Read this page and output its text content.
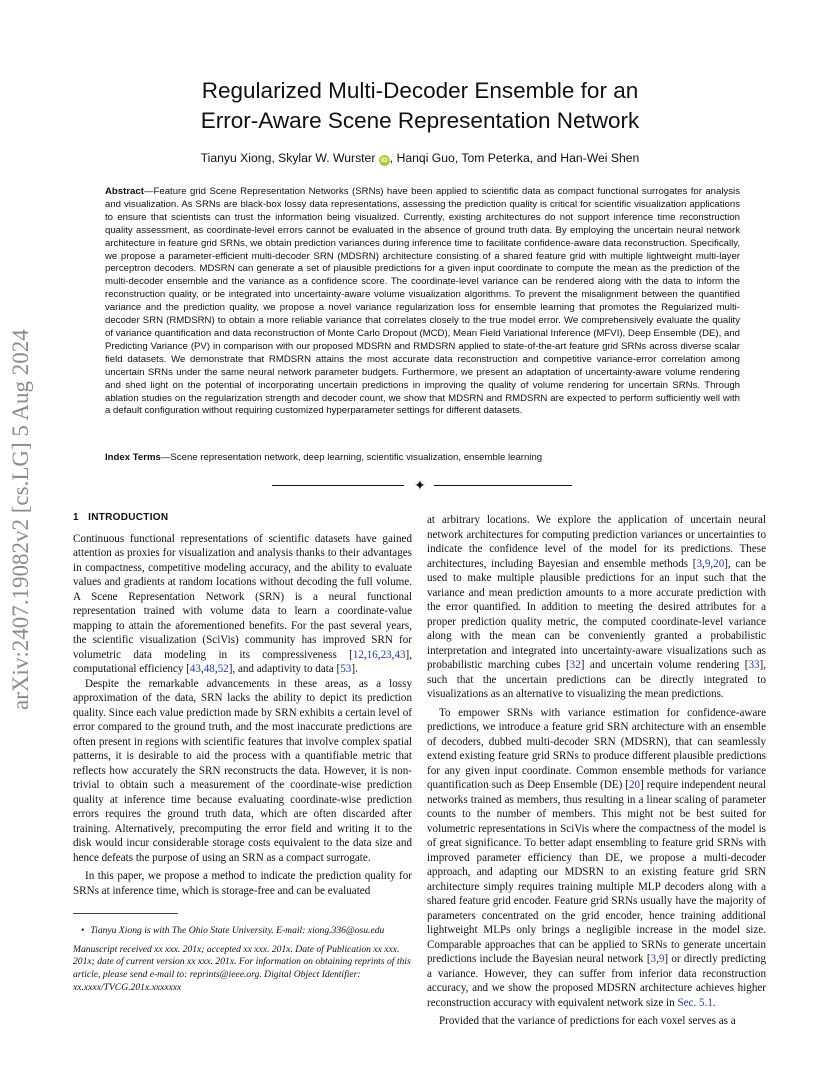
arXiv:2407.19082v2 [cs.LG] 5 Aug 2024
Regularized Multi-Decoder Ensemble for an
Error-Aware Scene Representation Network
Tianyu Xiong, Skylar W. Wurster iD , Hanqi Guo, Tom Peterka, and Han-Wei Shen
Abstract—Feature grid Scene Representation Networks (SRNs) have been applied to scientific data as compact functional surrogates for analysis and visualization. As SRNs are black-box lossy data representations, assessing the prediction quality is critical for scientific visualization applications to ensure that scientists can trust the information being visualized. Currently, existing architectures do not support inference time reconstruction quality assessment, as coordinate-level errors cannot be evaluated in the absence of ground truth data. By employing the uncertain neural network architecture in feature grid SRNs, we obtain prediction variances during inference time to facilitate confidence-aware data reconstruction. Specifically, we propose a parameter-efficient multi-decoder SRN (MDSRN) architecture consisting of a shared feature grid with multiple lightweight multi-layer perceptron decoders. MDSRN can generate a set of plausible predictions for a given input coordinate to compute the mean as the prediction of the multi-decoder ensemble and the variance as a confidence score. The coordinate-level variance can be rendered along with the data to inform the reconstruction quality, or be integrated into uncertainty-aware volume visualization algorithms. To prevent the misalignment between the quantified variance and the prediction quality, we propose a novel variance regularization loss for ensemble learning that promotes the Regularized multi-decoder SRN (RMDSRN) to obtain a more reliable variance that correlates closely to the true model error. We comprehensively evaluate the quality of variance quantification and data reconstruction of Monte Carlo Dropout (MCD), Mean Field Variational Inference (MFVI), Deep Ensemble (DE), and Predicting Variance (PV) in comparison with our proposed MDSRN and RMDSRN applied to state-of-the-art feature grid SRNs across diverse scalar field datasets. We demonstrate that RMDSRN attains the most accurate data reconstruction and competitive variance-error correlation among uncertain SRNs under the same neural network parameter budgets. Furthermore, we present an adaptation of uncertainty-aware volume rendering and shed light on the potential of incorporating uncertain predictions in improving the quality of volume rendering for uncertain SRNs. Through ablation studies on the regularization strength and decoder count, we show that MDSRN and RMDSRN are expected to perform sufficiently well with a default configuration without requiring customized hyperparameter settings for different datasets.
Index Terms—Scene representation network, deep learning, scientific visualization, ensemble learning
✦
1 INTRODUCTION

Continuous functional representations of scientific datasets have gained attention as proxies for visualization and analysis thanks to their advantages in compactness, competitive modeling accuracy, and the ability to evaluate values and gradients at random locations without decoding the full volume. A Scene Representation Network (SRN) is a neural functional representation trained with volume data to learn a coordinate-value mapping to attain the aforementioned benefits. For the past several years, the scientific visualization (SciVis) community has improved SRN for volumetric data modeling in its compressiveness [12,16,23,43], computational efficiency [43,48,52], and adaptivity to data [53].

Despite the remarkable advancements in these areas, as a lossy approximation of the data, SRN lacks the ability to depict its prediction quality. Since each value prediction made by SRN exhibits a certain level of error compared to the ground truth, and the most inaccurate predictions are often present in regions with scientific features that involve complex spatial patterns, it is desirable to aid the process with a quantifiable metric that reflects how accurately the SRN reconstructs the data. However, it is non-trivial to obtain such a measurement of the coordinate-wise prediction quality at inference time because evaluating coordinate-wise prediction errors requires the ground truth data, which are often discarded after training. Alternatively, precomputing the error field and writing it to the disk would incur considerable storage costs equivalent to the data size and hence defeats the purpose of using an SRN as a compact surrogate.

In this paper, we propose a method to indicate the prediction quality for SRNs at inference time, which is storage-free and can be evaluated

• Tianyu Xiong is with The Ohio State University. E-mail: xiong.336@osu.edu

Manuscript received xx xxx. 201x; accepted xx xxx. 201x. Date of Publication xx xxx. 201x; date of current version xx xxx. 201x. For information on obtaining reprints of this article, please send e-mail to: reprints@ieee.org. Digital Object Identifier: xx.xxxx/TVCG.201x.xxxxxxx

at arbitrary locations. We explore the application of uncertain neural network architectures for computing prediction variances or uncertainties to indicate the confidence level of the model for its predictions. These architectures, including Bayesian and ensemble methods [3,9,20], can be used to make multiple plausible predictions for an input such that the variance and mean prediction amounts to a more accurate prediction with the error quantified. In addition to meeting the desired attributes for a proper prediction quality metric, the computed coordinate-level variance along with the mean can be conveniently granted a probabilistic interpretation and integrated into uncertainty-aware visualizations such as probabilistic marching cubes [32] and uncertain volume rendering [33], such that the uncertain predictions can be directly integrated to visualizations as an alternative to visualizing the mean predictions.

To empower SRNs with variance estimation for confidence-aware predictions, we introduce a feature grid SRN architecture with an ensemble of decoders, dubbed multi-decoder SRN (MDSRN), that can seamlessly extend existing feature grid SRNs to produce different plausible predictions for any given input coordinate. Common ensemble methods for variance quantification such as Deep Ensemble (DE) [20] require independent neural networks trained as members, thus resulting in a linear scaling of parameter counts to the number of members. This might not be best suited for volumetric representations in SciVis where the compactness of the model is of great significance. To better adapt ensembling to feature grid SRNs with improved parameter efficiency than DE, we propose a multi-decoder approach, and adapting our MDSRN to an existing feature grid SRN architecture simply requires training multiple MLP decoders along with a shared feature grid encoder. Feature grid SRNs usually have the majority of parameters concentrated on the grid encoder, hence training additional lightweight MLPs only brings a negligible increase in the model size. Comparable approaches that can be applied to SRNs to generate uncertain predictions include the Bayesian neural network [3,9] or directly predicting a variance. However, they can suffer from inferior data reconstruction accuracy, and we show the proposed MDSRN architecture achieves higher reconstruction accuracy with equivalent network size in Sec. 5.1.

Provided that the variance of predictions for each voxel serves as a
